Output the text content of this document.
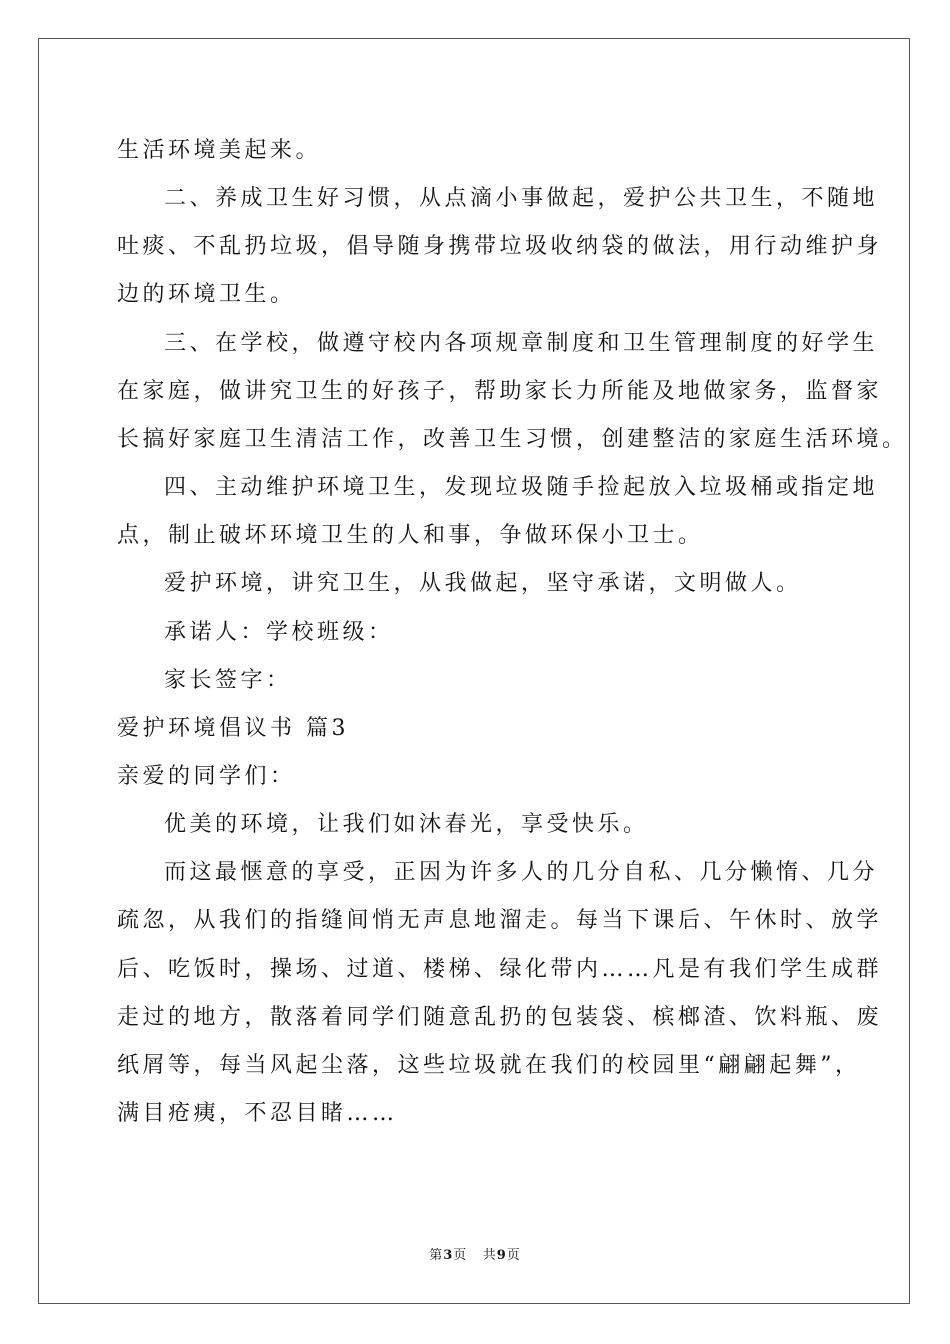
生活环境美起来。
二、养成卫生好习惯，从点滴小事做起，爱护公共卫生，不随地
吐痰、不乱扔垃圾，倡导随身携带垃圾收纳袋的做法，用行动维护身
边的环境卫生。
三、在学校，做遵守校内各项规章制度和卫生管理制度的好学生
在家庭，做讲究卫生的好孩子，帮助家长力所能及地做家务，监督家
长搞好家庭卫生清洁工作，改善卫生习惯，创建整洁的家庭生活环境。
四、主动维护环境卫生，发现垃圾随手捡起放入垃圾桶或指定地
点，制止破坏环境卫生的人和事，争做环保小卫士。
爱护环境，讲究卫生，从我做起，坚守承诺，文明做人。
承诺人：学校班级：
家长签字：
爱护环境倡议书 篇3
亲爱的同学们：
优美的环境，让我们如沐春光，享受快乐。
而这最惬意的享受，正因为许多人的几分自私、几分懒惰、几分
疏忽，从我们的指缝间悄无声息地溜走。每当下课后、午休时、放学
后、吃饭时，操场、过道、楼梯、绿化带内……凡是有我们学生成群
走过的地方，散落着同学们随意乱扔的包装袋、槟榔渣、饮料瓶、废
纸屑等，每当风起尘落，这些垃圾就在我们的校园里“翩翩起舞”，
满目疮痍，不忍目睹……
第3页 共9页
